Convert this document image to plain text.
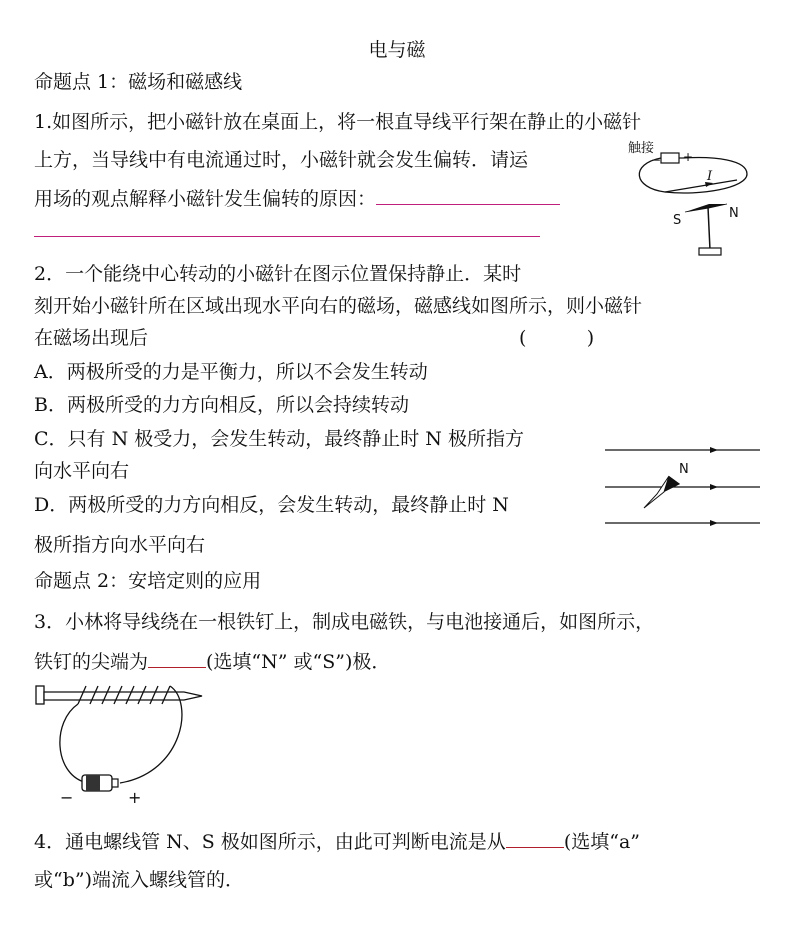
电与磁
命题点 1：磁场和磁感线
1.如图所示，把小磁针放在桌面上，将一根直导线平行架在静止的小磁针
上方，当导线中有电流通过时，小磁针就会发生偏转．请运
用场的观点解释小磁针发生偏转的原因：
触接
− +
I
S	N
2．一个能绕中心转动的小磁针在图示位置保持静止．某时
刻开始小磁针所在区域出现水平向右的磁场，磁感线如图所示，则小磁针
在磁场出现后	(          )
A．两极所受的力是平衡力，所以不会发生转动
B．两极所受的力方向相反，所以会持续转动
C．只有 N 极受力，会发生转动，最终静止时 N 极所指方
向水平向右
D．两极所受的力方向相反，会发生转动，最终静止时 N
极所指方向水平向右
N
命题点 2：安培定则的应用
3．小林将导线绕在一根铁钉上，制成电磁铁，与电池接通后，如图所示，
铁钉的尖端为	(选填“N” 或“S”)极．
−	+
4．通电螺线管 N、S 极如图所示，由此可判断电流是从	(选填“a”
或“b”)端流入螺线管的．
